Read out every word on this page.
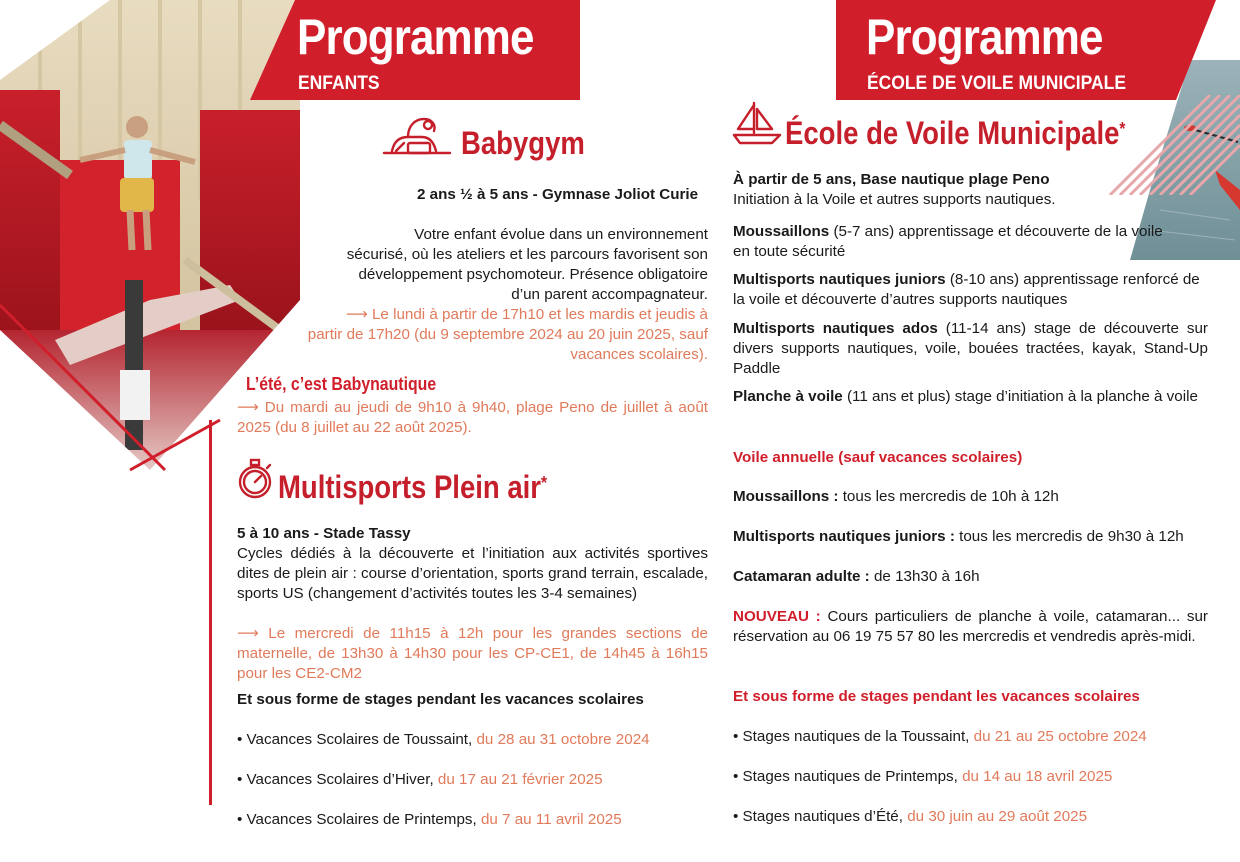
Programme
ENFANTS
Babygym
2 ans ½ à 5 ans - Gymnase Joliot Curie
Votre enfant évolue dans un environnement sécurisé, où les ateliers et les parcours favorisent son développement psychomoteur. Présence obligatoire d’un parent accompagnateur.
⟶ Le lundi à partir de 17h10 et les mardis et jeudis à partir de 17h20 (du 9 septembre 2024 au 20 juin 2025, sauf vacances scolaires).
L’été, c’est Babynautique
⟶ Du mardi au jeudi de 9h10 à 9h40, plage Peno de juillet à août 2025 (du 8 juillet au 22 août 2025).
Multisports Plein air*
5 à 10 ans - Stade Tassy
Cycles dédiés à la découverte et l’initiation aux activités sportives dites de plein air : course d’orientation, sports grand terrain, escalade, sports US (changement d’activités toutes les 3-4 semaines)
⟶ Le mercredi de 11h15 à 12h pour les grandes sections de maternelle, de 13h30 à 14h30 pour les CP-CE1, de 14h45 à 16h15 pour les CE2-CM2
Et sous forme de stages pendant les vacances scolaires
• Vacances Scolaires de Toussaint, du 28 au 31 octobre 2024
• Vacances Scolaires d’Hiver, du 17 au 21 février 2025
• Vacances Scolaires de Printemps, du 7 au 11 avril 2025
Programme
ÉCOLE DE VOILE MUNICIPALE
École de Voile Municipale*
À partir de 5 ans, Base nautique plage Peno
Initiation à la Voile et autres supports nautiques.
Moussaillons (5-7 ans) apprentissage et découverte de la voile en toute sécurité
Multisports nautiques juniors (8-10 ans) apprentissage renforcé de la voile et découverte d’autres supports nautiques
Multisports nautiques ados (11-14 ans) stage de découverte sur divers supports nautiques, voile, bouées tractées, kayak, Stand-Up Paddle
Planche à voile (11 ans et plus) stage d’initiation à la planche à voile
Voile annuelle (sauf vacances scolaires)
Moussaillons : tous les mercredis de 10h à 12h
Multisports nautiques juniors : tous les mercredis de 9h30 à 12h
Catamaran adulte : de 13h30 à 16h
NOUVEAU : Cours particuliers de planche à voile, catamaran... sur réservation au 06 19 75 57 80 les mercredis et vendredis après-midi.
Et sous forme de stages pendant les vacances scolaires
• Stages nautiques de la Toussaint, du 21 au 25 octobre 2024
• Stages nautiques de Printemps, du 14 au 18 avril 2025
• Stages nautiques d’Été, du 30 juin au 29 août 2025
